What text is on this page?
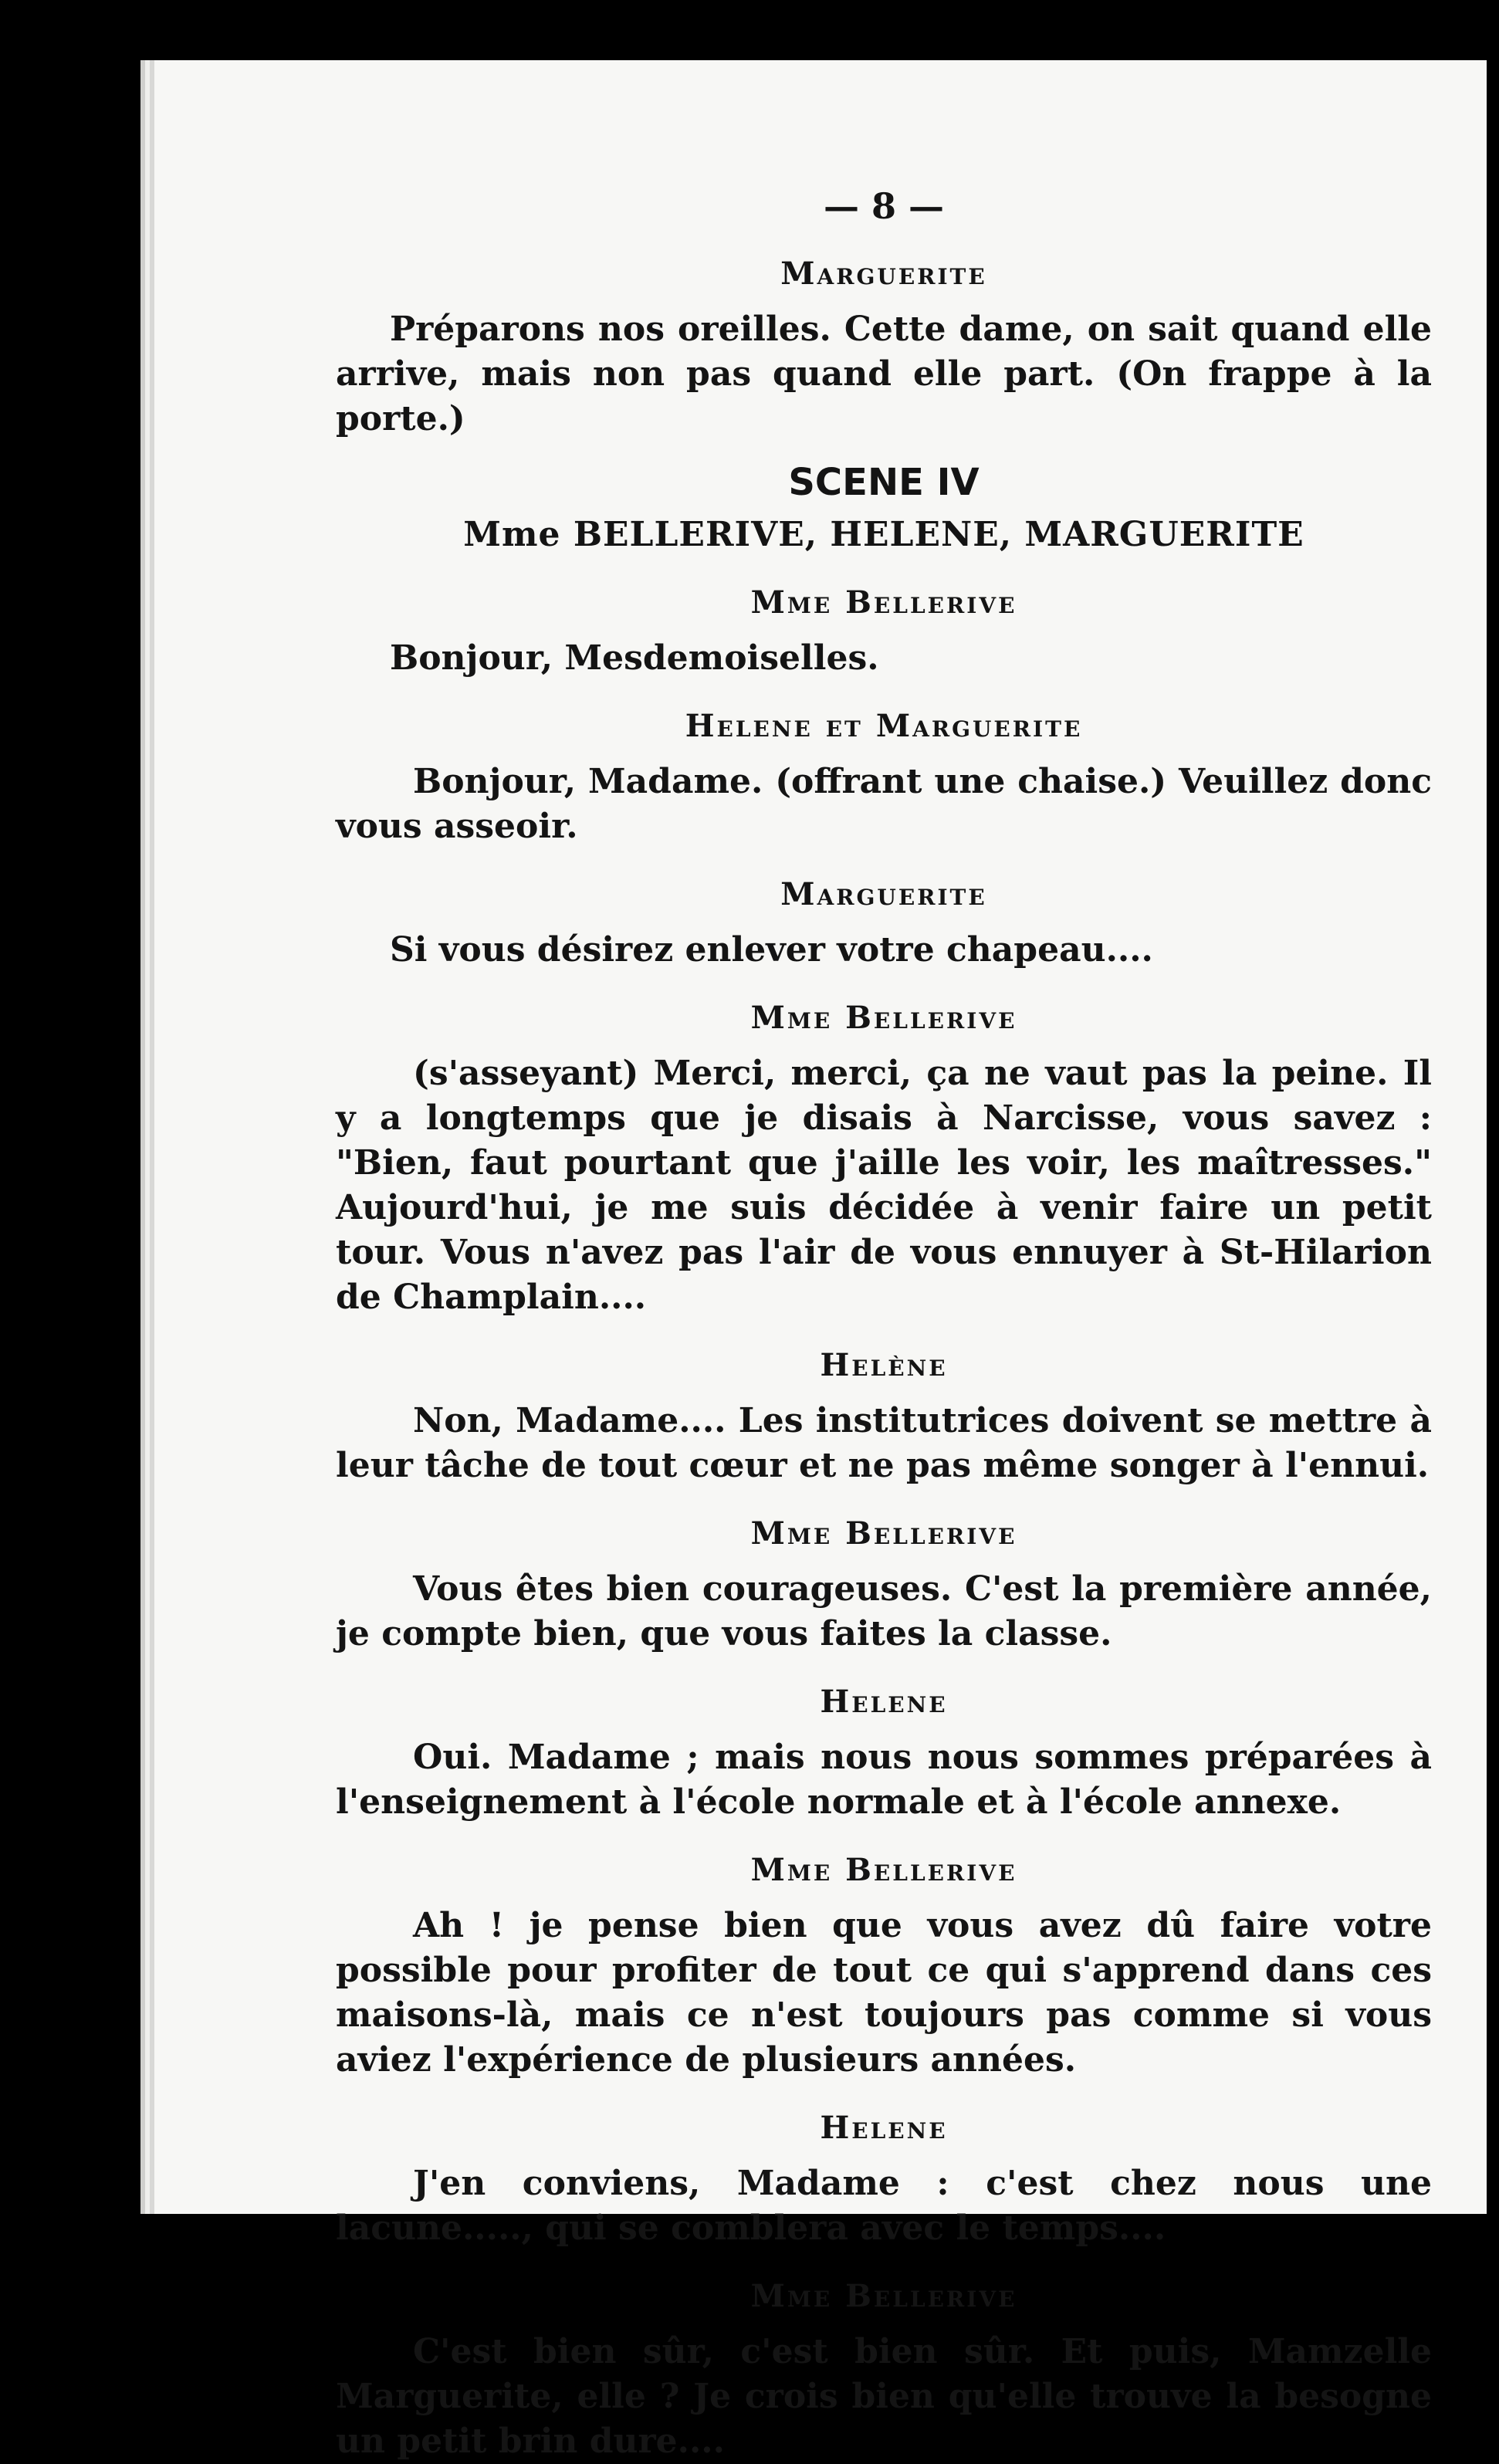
— 8 —
Marguerite

Préparons nos oreilles. Cette dame, on sait quand elle arrive, mais non pas quand elle part. (On frappe à la porte.)

SCENE IV
Mme BELLERIVE, HELENE, MARGUERITE
Mme Bellerive

Bonjour, Mesdemoiselles.

Helene et Marguerite

Bonjour, Madame. (offrant une chaise.) Veuillez donc vous asseoir.

Marguerite

Si vous désirez enlever votre chapeau....

Mme Bellerive

(s'asseyant) Merci, merci, ça ne vaut pas la peine. Il y a longtemps que je disais à Narcisse, vous savez : "Bien, faut pourtant que j'aille les voir, les maîtresses." Aujourd'hui, je me suis décidée à venir faire un petit tour. Vous n'avez pas l'air de vous ennuyer à St-Hilarion de Champlain....

Helène

Non, Madame.... Les institutrices doivent se mettre à leur tâche de tout cœur et ne pas même songer à l'ennui.

Mme Bellerive

Vous êtes bien courageuses. C'est la première année, je compte bien, que vous faites la classe.

Helene

Oui. Madame ; mais nous nous sommes préparées à l'enseignement à l'école normale et à l'école annexe.

Mme Bellerive

Ah ! je pense bien que vous avez dû faire votre possible pour profiter de tout ce qui s'apprend dans ces maisons-là, mais ce n'est toujours pas comme si vous aviez l'expérience de plusieurs années.

Helene

J'en conviens, Madame : c'est chez nous une lacune....., qui se comblera avec le temps....

Mme Bellerive

C'est bien sûr, c'est bien sûr. Et puis, Mamzelle Marguerite, elle ? Je crois bien qu'elle trouve la besogne un petit brin dure....
